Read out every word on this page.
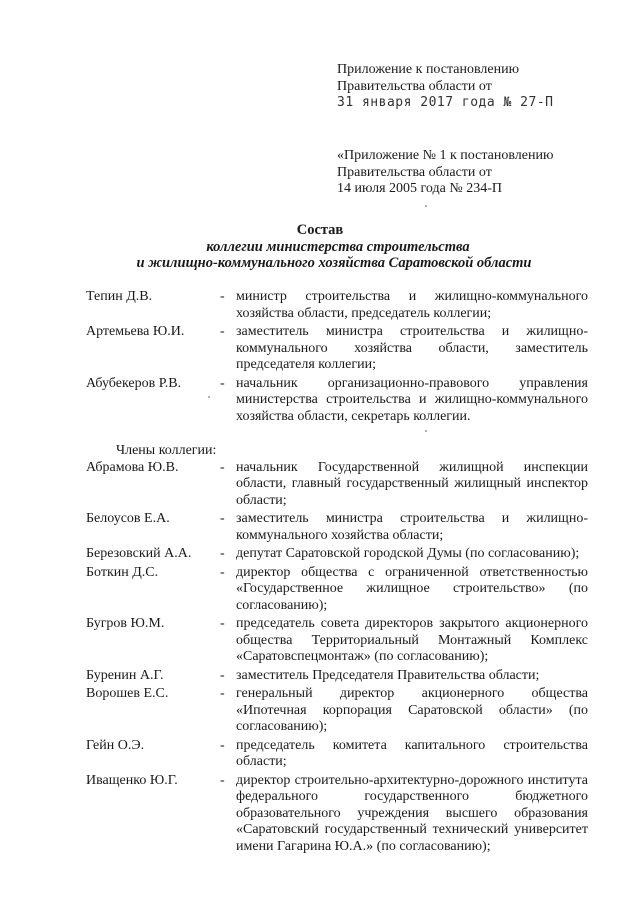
Приложение к постановлению
Правительства области от
31 января 2017 года № 27-П
«Приложение № 1 к постановлению
Правительства области от
14 июля 2005 года № 234-П
Состав
коллегии министерства строительства
и жилищно-коммунального хозяйства Саратовской области
Тепин Д.В.	- министр строительства и жилищно-коммунального хозяйства области, председатель коллегии;
Артемьева Ю.И.	- заместитель министра строительства и жилищно-коммунального хозяйства области, заместитель председателя коллегии;
Абубекеров Р.В.	- начальник организационно-правового управления министерства строительства и жилищно-коммунального хозяйства области, секретарь коллегии.
Члены коллегии:
Абрамова Ю.В.	- начальник Государственной жилищной инспекции области, главный государственный жилищный инспектор области;
Белоусов Е.А.	- заместитель министра строительства и жилищно-коммунального хозяйства области;
Березовский А.А.	- депутат Саратовской городской Думы (по согласованию);
Боткин Д.С.	- директор общества с ограниченной ответственностью «Государственное жилищное строительство» (по согласованию);
Бугров Ю.М.	- председатель совета директоров закрытого акционерного общества Территориальный Монтажный Комплекс «Саратовспецмонтаж» (по согласованию);
Буренин А.Г.	- заместитель Председателя Правительства области;
Ворошев Е.С.	- генеральный директор акционерного общества «Ипотечная корпорация Саратовской области» (по согласованию);
Гейн О.Э.	- председатель комитета капитального строительства области;
Иващенко Ю.Г.	- директор строительно-архитектурно-дорожного института федерального государственного бюджетного образовательного учреждения высшего образования «Саратовский государственный технический университет имени Гагарина Ю.А.» (по согласованию);
